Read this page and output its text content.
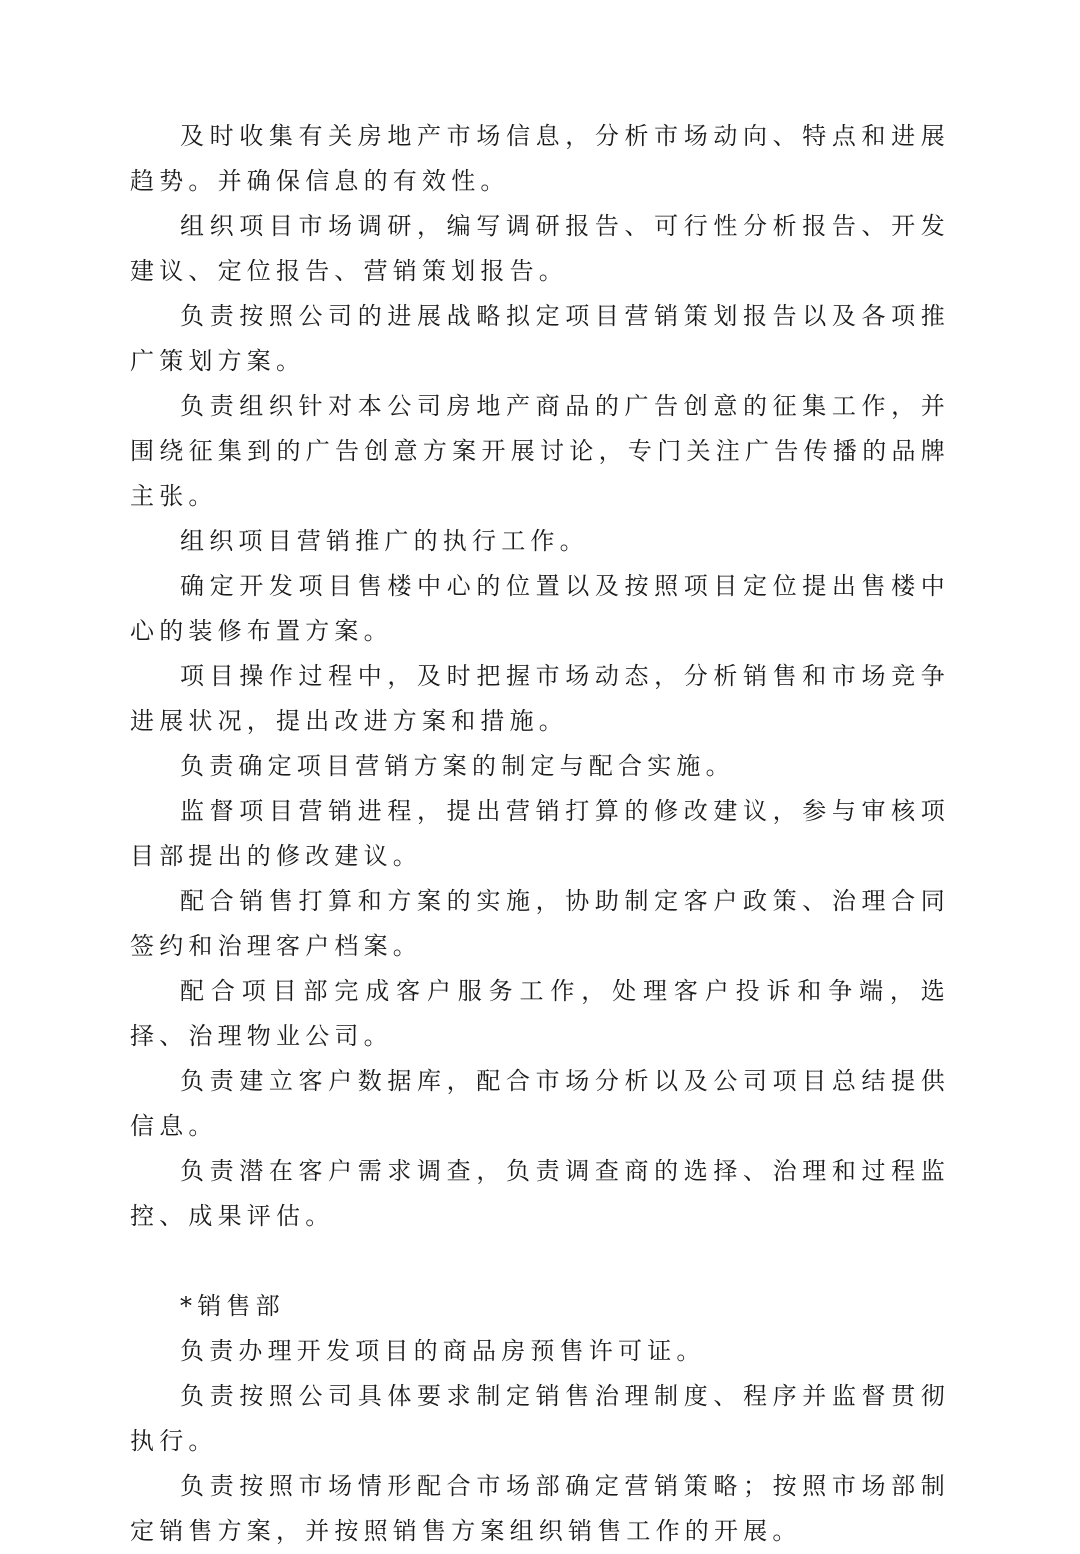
及时收集有关房地产市场信息，分析市场动向、特点和进展趋势。并确保信息的有效性。

组织项目市场调研，编写调研报告、可行性分析报告、开发建议、定位报告、营销策划报告。

负责按照公司的进展战略拟定项目营销策划报告以及各项推广策划方案。

负责组织针对本公司房地产商品的广告创意的征集工作，并围绕征集到的广告创意方案开展讨论，专门关注广告传播的品牌主张。

组织项目营销推广的执行工作。

确定开发项目售楼中心的位置以及按照项目定位提出售楼中心的装修布置方案。

项目操作过程中，及时把握市场动态，分析销售和市场竞争进展状况，提出改进方案和措施。

负责确定项目营销方案的制定与配合实施。

监督项目营销进程，提出营销打算的修改建议，参与审核项目部提出的修改建议。

配合销售打算和方案的实施，协助制定客户政策、治理合同签约和治理客户档案。

配合项目部完成客户服务工作，处理客户投诉和争端，选择、治理物业公司。

负责建立客户数据库，配合市场分析以及公司项目总结提供信息。

负责潜在客户需求调查，负责调查商的选择、治理和过程监控、成果评估。

*销售部

负责办理开发项目的商品房预售许可证。

负责按照公司具体要求制定销售治理制度、程序并监督贯彻执行。

负责按照市场情形配合市场部确定营销策略；按照市场部制定销售方案，并按照销售方案组织销售工作的开展。
